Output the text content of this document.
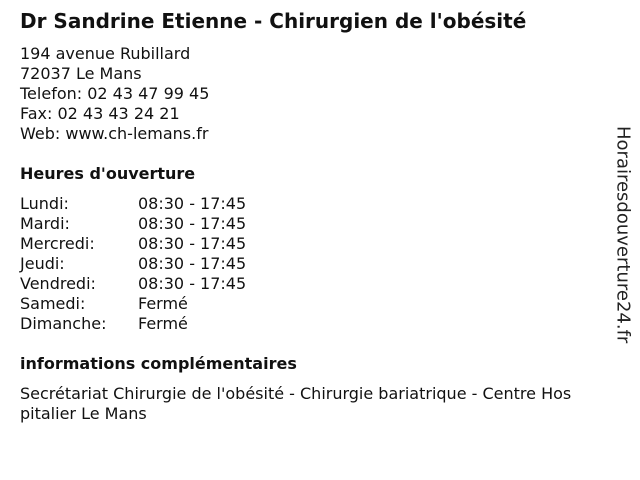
Dr Sandrine Etienne - Chirurgien de l'obésité
194 avenue Rubillard
72037 Le Mans
Telefon: 02 43 47 99 45
Fax: 02 43 43 24 21
Web: www.ch-lemans.fr
Heures d'ouverture
Lundi:	08:30 - 17:45
Mardi:	08:30 - 17:45
Mercredi:	08:30 - 17:45
Jeudi:	08:30 - 17:45
Vendredi:	08:30 - 17:45
Samedi:	Fermé
Dimanche: Fermé
informations complémentaires
Secrétariat Chirurgie de l'obésité - Chirurgie bariatrique - Centre Hospitalier Le Mans
Horairesdouverture24.fr
